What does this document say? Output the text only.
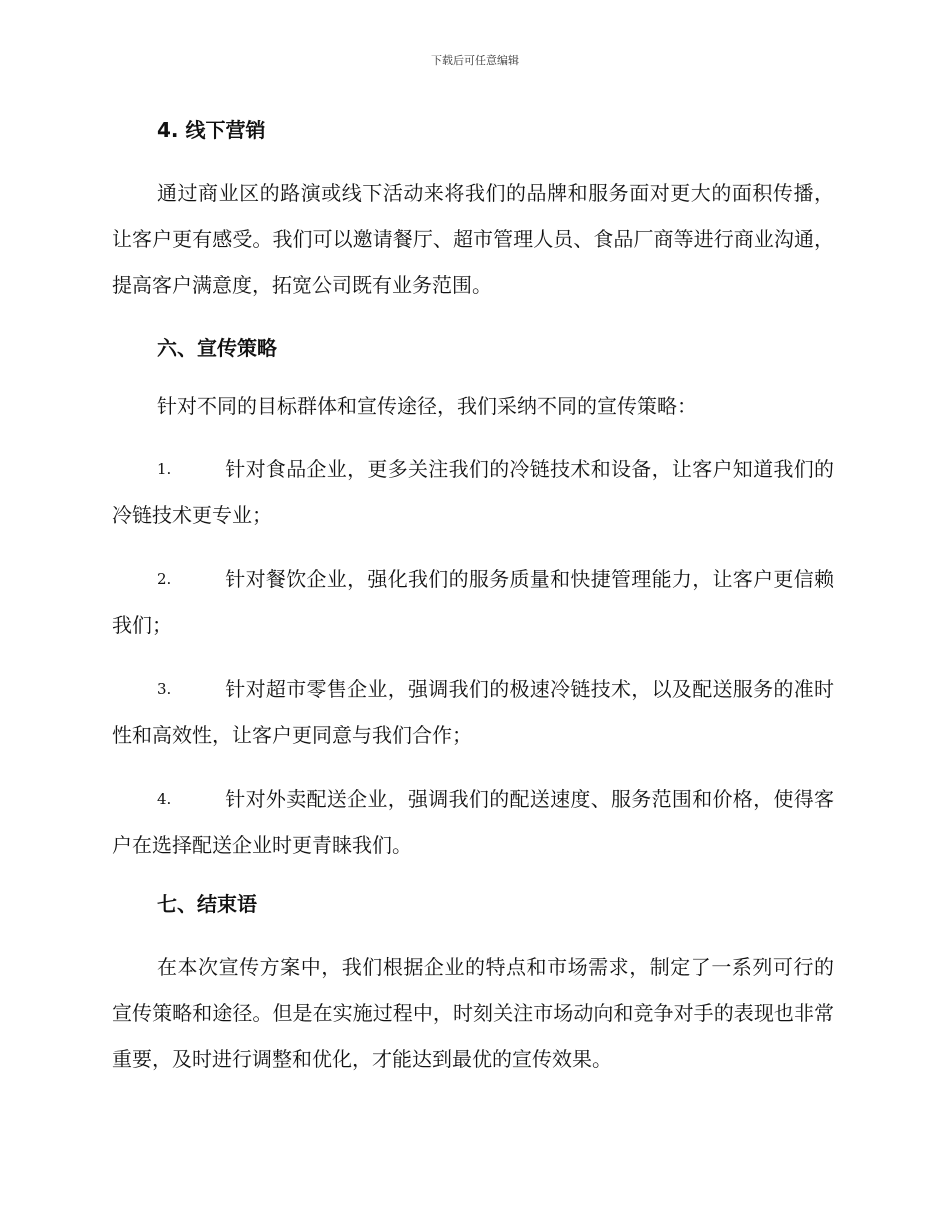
下载后可任意编辑
4. 线下营销

通过商业区的路演或线下活动来将我们的品牌和服务面对更大的面积传播，让客户更有感受。我们可以邀请餐厅、超市管理人员、食品厂商等进行商业沟通，提高客户满意度，拓宽公司既有业务范围。

六、宣传策略

针对不同的目标群体和宣传途径，我们采纳不同的宣传策略：

1.	针对食品企业，更多关注我们的冷链技术和设备，让客户知道我们的冷链技术更专业；
2.	针对餐饮企业，强化我们的服务质量和快捷管理能力，让客户更信赖我们；
3.	针对超市零售企业，强调我们的极速冷链技术，以及配送服务的准时性和高效性，让客户更同意与我们合作；
4.	针对外卖配送企业，强调我们的配送速度、服务范围和价格，使得客户在选择配送企业时更青睐我们。
七、结束语

在本次宣传方案中，我们根据企业的特点和市场需求，制定了一系列可行的宣传策略和途径。但是在实施过程中，时刻关注市场动向和竞争对手的表现也非常重要，及时进行调整和优化，才能达到最优的宣传效果。
